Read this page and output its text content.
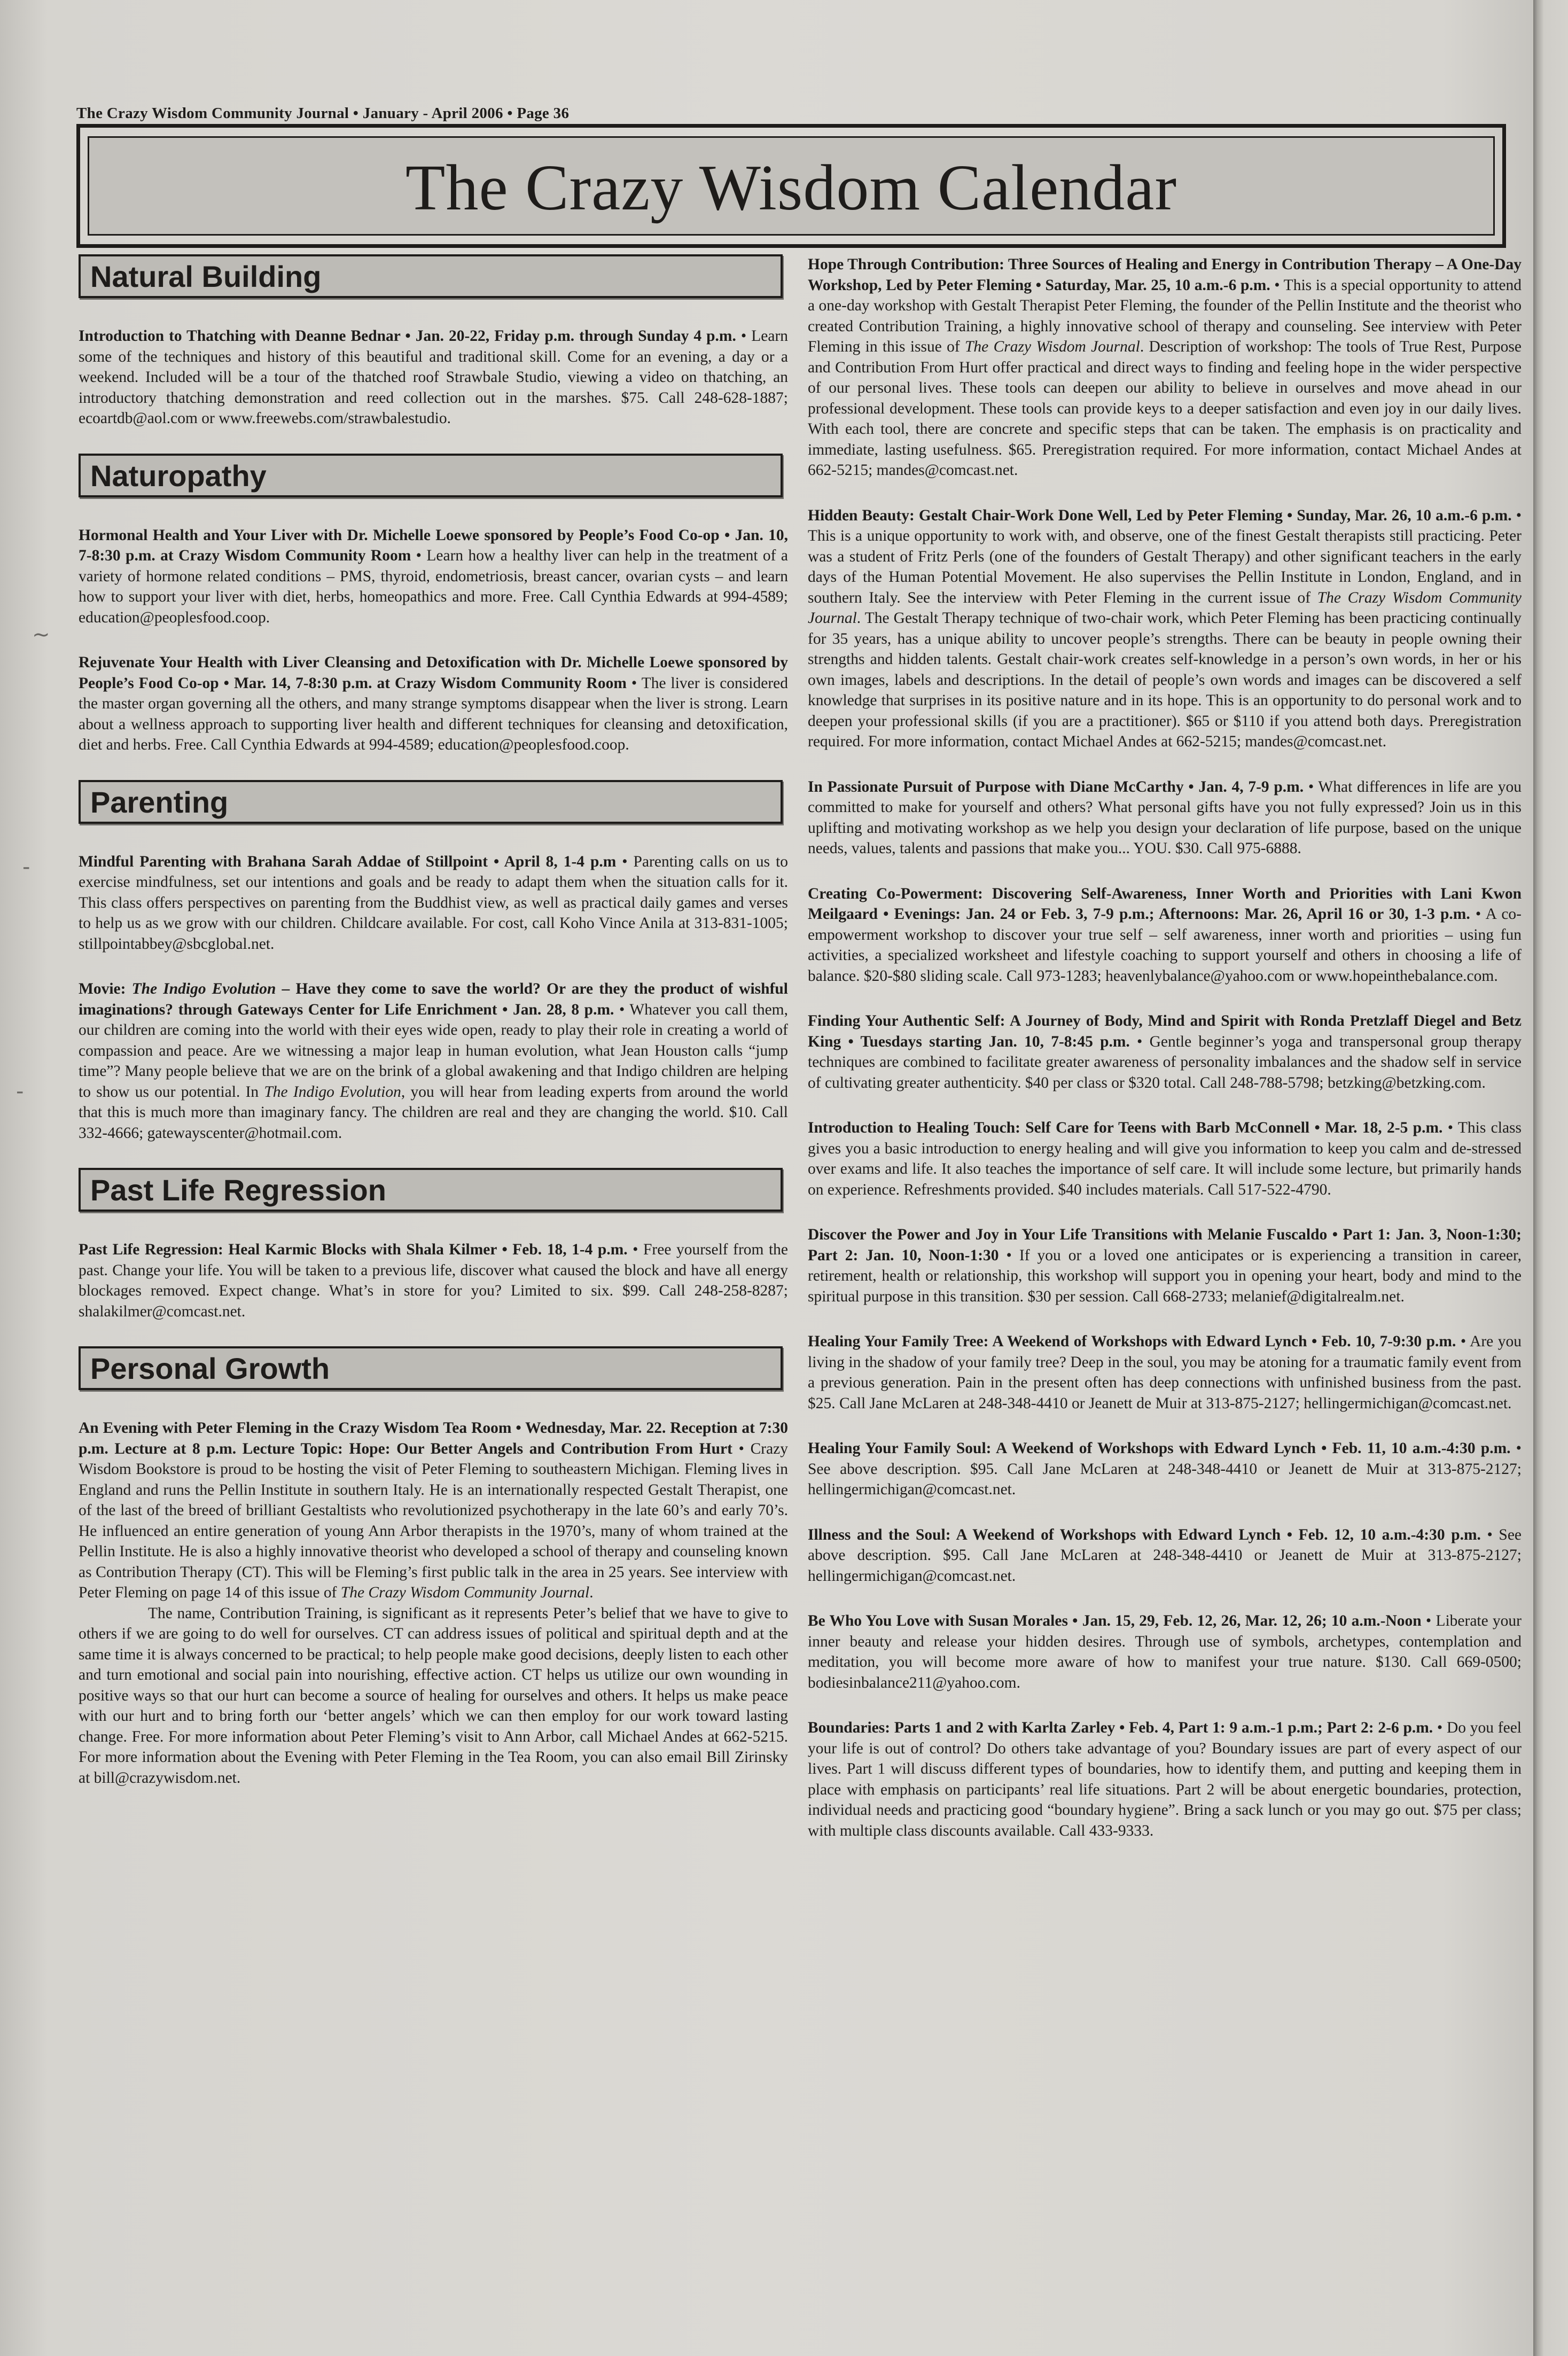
~
-
-
The Crazy Wisdom Community Journal • January - April 2006 • Page 36
The Crazy Wisdom Calendar
Natural Building
Introduction to Thatching with Deanne Bednar • Jan. 20-22, Friday p.m. through Sunday 4 p.m. • Learn some of the techniques and history of this beautiful and traditional skill. Come for an evening, a day or a weekend. Included will be a tour of the thatched roof Strawbale Studio, viewing a video on thatching, an introductory thatching demonstration and reed collection out in the marshes. $75. Call 248-628-1887; ecoartdb@aol.com or www.freewebs.com/strawbalestudio.
Naturopathy
Hormonal Health and Your Liver with Dr. Michelle Loewe sponsored by People’s Food Co-op • Jan. 10, 7-8:30 p.m. at Crazy Wisdom Community Room • Learn how a healthy liver can help in the treatment of a variety of hormone related conditions – PMS, thyroid, endometriosis, breast cancer, ovarian cysts – and learn how to support your liver with diet, herbs, homeopathics and more. Free. Call Cynthia Edwards at 994-4589; education@peoplesfood.coop.
Rejuvenate Your Health with Liver Cleansing and Detoxification with Dr. Michelle Loewe sponsored by People’s Food Co-op • Mar. 14, 7-8:30 p.m. at Crazy Wisdom Community Room • The liver is considered the master organ governing all the others, and many strange symptoms disappear when the liver is strong. Learn about a wellness approach to supporting liver health and different techniques for cleansing and detoxification, diet and herbs. Free. Call Cynthia Edwards at 994-4589; education@peoplesfood.coop.
Parenting
Mindful Parenting with Brahana Sarah Addae of Stillpoint • April 8, 1-4 p.m • Parenting calls on us to exercise mindfulness, set our intentions and goals and be ready to adapt them when the situation calls for it. This class offers perspectives on parenting from the Buddhist view, as well as practical daily games and verses to help us as we grow with our children. Childcare available. For cost, call Koho Vince Anila at 313-831-1005; stillpointabbey@sbcglobal.net.
Movie: The Indigo Evolution – Have they come to save the world? Or are they the product of wishful imaginations? through Gateways Center for Life Enrichment • Jan. 28, 8 p.m. • Whatever you call them, our children are coming into the world with their eyes wide open, ready to play their role in creating a world of compassion and peace. Are we witnessing a major leap in human evolution, what Jean Houston calls “jump time”? Many people believe that we are on the brink of a global awakening and that Indigo children are helping to show us our potential. In The Indigo Evolution, you will hear from leading experts from around the world that this is much more than imaginary fancy. The children are real and they are changing the world. $10. Call 332-4666; gatewayscenter@hotmail.com.
Past Life Regression
Past Life Regression: Heal Karmic Blocks with Shala Kilmer • Feb. 18, 1-4 p.m. • Free yourself from the past. Change your life. You will be taken to a previous life, discover what caused the block and have all energy blockages removed. Expect change. What’s in store for you? Limited to six. $99. Call 248-258-8287; shalakilmer@comcast.net.
Personal Growth
An Evening with Peter Fleming in the Crazy Wisdom Tea Room • Wednesday, Mar. 22. Reception at 7:30 p.m. Lecture at 8 p.m. Lecture Topic: Hope: Our Better Angels and Contribution From Hurt • Crazy Wisdom Bookstore is proud to be hosting the visit of Peter Fleming to southeastern Michigan. Fleming lives in England and runs the Pellin Institute in southern Italy. He is an internationally respected Gestalt Therapist, one of the last of the breed of brilliant Gestaltists who revolutionized psychotherapy in the late 60’s and early 70’s. He influenced an entire generation of young Ann Arbor therapists in the 1970’s, many of whom trained at the Pellin Institute. He is also a highly innovative theorist who developed a school of therapy and counseling known as Contribution Therapy (CT). This will be Fleming’s first public talk in the area in 25 years. See interview with Peter Fleming on page 14 of this issue of The Crazy Wisdom Community Journal.
The name, Contribution Training, is significant as it represents Peter’s belief that we have to give to others if we are going to do well for ourselves. CT can address issues of political and spiritual depth and at the same time it is always concerned to be practical; to help people make good decisions, deeply listen to each other and turn emotional and social pain into nourishing, effective action. CT helps us utilize our own wounding in positive ways so that our hurt can become a source of healing for ourselves and others. It helps us make peace with our hurt and to bring forth our ‘better angels’ which we can then employ for our work toward lasting change. Free. For more information about Peter Fleming’s visit to Ann Arbor, call Michael Andes at 662-5215. For more information about the Evening with Peter Fleming in the Tea Room, you can also email Bill Zirinsky at bill@crazywisdom.net.
Hope Through Contribution: Three Sources of Healing and Energy in Contribution Therapy – A One-Day Workshop, Led by Peter Fleming • Saturday, Mar. 25, 10 a.m.-6 p.m. • This is a special opportunity to attend a one-day workshop with Gestalt Therapist Peter Fleming, the founder of the Pellin Institute and the theorist who created Contribution Training, a highly innovative school of therapy and counseling. See interview with Peter Fleming in this issue of The Crazy Wisdom Journal. Description of workshop: The tools of True Rest, Purpose and Contribution From Hurt offer practical and direct ways to finding and feeling hope in the wider perspective of our personal lives. These tools can deepen our ability to believe in ourselves and move ahead in our professional development. These tools can provide keys to a deeper satisfaction and even joy in our daily lives. With each tool, there are concrete and specific steps that can be taken. The emphasis is on practicality and immediate, lasting usefulness. $65. Preregistration required. For more information, contact Michael Andes at 662-5215; mandes@comcast.net.
Hidden Beauty: Gestalt Chair-Work Done Well, Led by Peter Fleming • Sunday, Mar. 26, 10 a.m.-6 p.m. • This is a unique opportunity to work with, and observe, one of the finest Gestalt therapists still practicing. Peter was a student of Fritz Perls (one of the founders of Gestalt Therapy) and other significant teachers in the early days of the Human Potential Movement. He also supervises the Pellin Institute in London, England, and in southern Italy. See the interview with Peter Fleming in the current issue of The Crazy Wisdom Community Journal. The Gestalt Therapy technique of two-chair work, which Peter Fleming has been practicing continually for 35 years, has a unique ability to uncover people’s strengths. There can be beauty in people owning their strengths and hidden talents. Gestalt chair-work creates self-knowledge in a person’s own words, in her or his own images, labels and descriptions. In the detail of people’s own words and images can be discovered a self knowledge that surprises in its positive nature and in its hope. This is an opportunity to do personal work and to deepen your professional skills (if you are a practitioner). $65 or $110 if you attend both days. Preregistration required. For more information, contact Michael Andes at 662-5215; mandes@comcast.net.
In Passionate Pursuit of Purpose with Diane McCarthy • Jan. 4, 7-9 p.m. • What differences in life are you committed to make for yourself and others? What personal gifts have you not fully expressed? Join us in this uplifting and motivating workshop as we help you design your declaration of life purpose, based on the unique needs, values, talents and passions that make you... YOU. $30. Call 975-6888.
Creating Co-Powerment: Discovering Self-Awareness, Inner Worth and Priorities with Lani Kwon Meilgaard • Evenings: Jan. 24 or Feb. 3, 7-9 p.m.; Afternoons: Mar. 26, April 16 or 30, 1-3 p.m. • A co-empowerment workshop to discover your true self – self awareness, inner worth and priorities – using fun activities, a specialized worksheet and lifestyle coaching to support yourself and others in choosing a life of balance. $20-$80 sliding scale. Call 973-1283; heavenlybalance@yahoo.com or www.hopeinthebalance.com.
Finding Your Authentic Self: A Journey of Body, Mind and Spirit with Ronda Pretzlaff Diegel and Betz King • Tuesdays starting Jan. 10, 7-8:45 p.m. • Gentle beginner’s yoga and transpersonal group therapy techniques are combined to facilitate greater awareness of personality imbalances and the shadow self in service of cultivating greater authenticity. $40 per class or $320 total. Call 248-788-5798; betzking@betzking.com.
Introduction to Healing Touch: Self Care for Teens with Barb McConnell • Mar. 18, 2-5 p.m. • This class gives you a basic introduction to energy healing and will give you information to keep you calm and de-stressed over exams and life. It also teaches the importance of self care. It will include some lecture, but primarily hands on experience. Refreshments provided. $40 includes materials. Call 517-522-4790.
Discover the Power and Joy in Your Life Transitions with Melanie Fuscaldo • Part 1: Jan. 3, Noon-1:30; Part 2: Jan. 10, Noon-1:30 • If you or a loved one anticipates or is experiencing a transition in career, retirement, health or relationship, this workshop will support you in opening your heart, body and mind to the spiritual purpose in this transition. $30 per session. Call 668-2733; melanief@digitalrealm.net.
Healing Your Family Tree: A Weekend of Workshops with Edward Lynch • Feb. 10, 7-9:30 p.m. • Are you living in the shadow of your family tree? Deep in the soul, you may be atoning for a traumatic family event from a previous generation. Pain in the present often has deep connections with unfinished business from the past. $25. Call Jane McLaren at 248-348-4410 or Jeanett de Muir at 313-875-2127; hellingermichigan@comcast.net.
Healing Your Family Soul: A Weekend of Workshops with Edward Lynch • Feb. 11, 10 a.m.-4:30 p.m. • See above description. $95. Call Jane McLaren at 248-348-4410 or Jeanett de Muir at 313-875-2127; hellingermichigan@comcast.net.
Illness and the Soul: A Weekend of Workshops with Edward Lynch • Feb. 12, 10 a.m.-4:30 p.m. • See above description. $95. Call Jane McLaren at 248-348-4410 or Jeanett de Muir at 313-875-2127; hellingermichigan@comcast.net.
Be Who You Love with Susan Morales • Jan. 15, 29, Feb. 12, 26, Mar. 12, 26; 10 a.m.-Noon • Liberate your inner beauty and release your hidden desires. Through use of symbols, archetypes, contemplation and meditation, you will become more aware of how to manifest your true nature. $130. Call 669-0500; bodiesinbalance211@yahoo.com.
Boundaries: Parts 1 and 2 with Karlta Zarley • Feb. 4, Part 1: 9 a.m.-1 p.m.; Part 2: 2-6 p.m. • Do you feel your life is out of control? Do others take advantage of you? Boundary issues are part of every aspect of our lives. Part 1 will discuss different types of boundaries, how to identify them, and putting and keeping them in place with emphasis on participants’ real life situations. Part 2 will be about energetic boundaries, protection, individual needs and practicing good “boundary hygiene”. Bring a sack lunch or you may go out. $75 per class; with multiple class discounts available. Call 433-9333.
